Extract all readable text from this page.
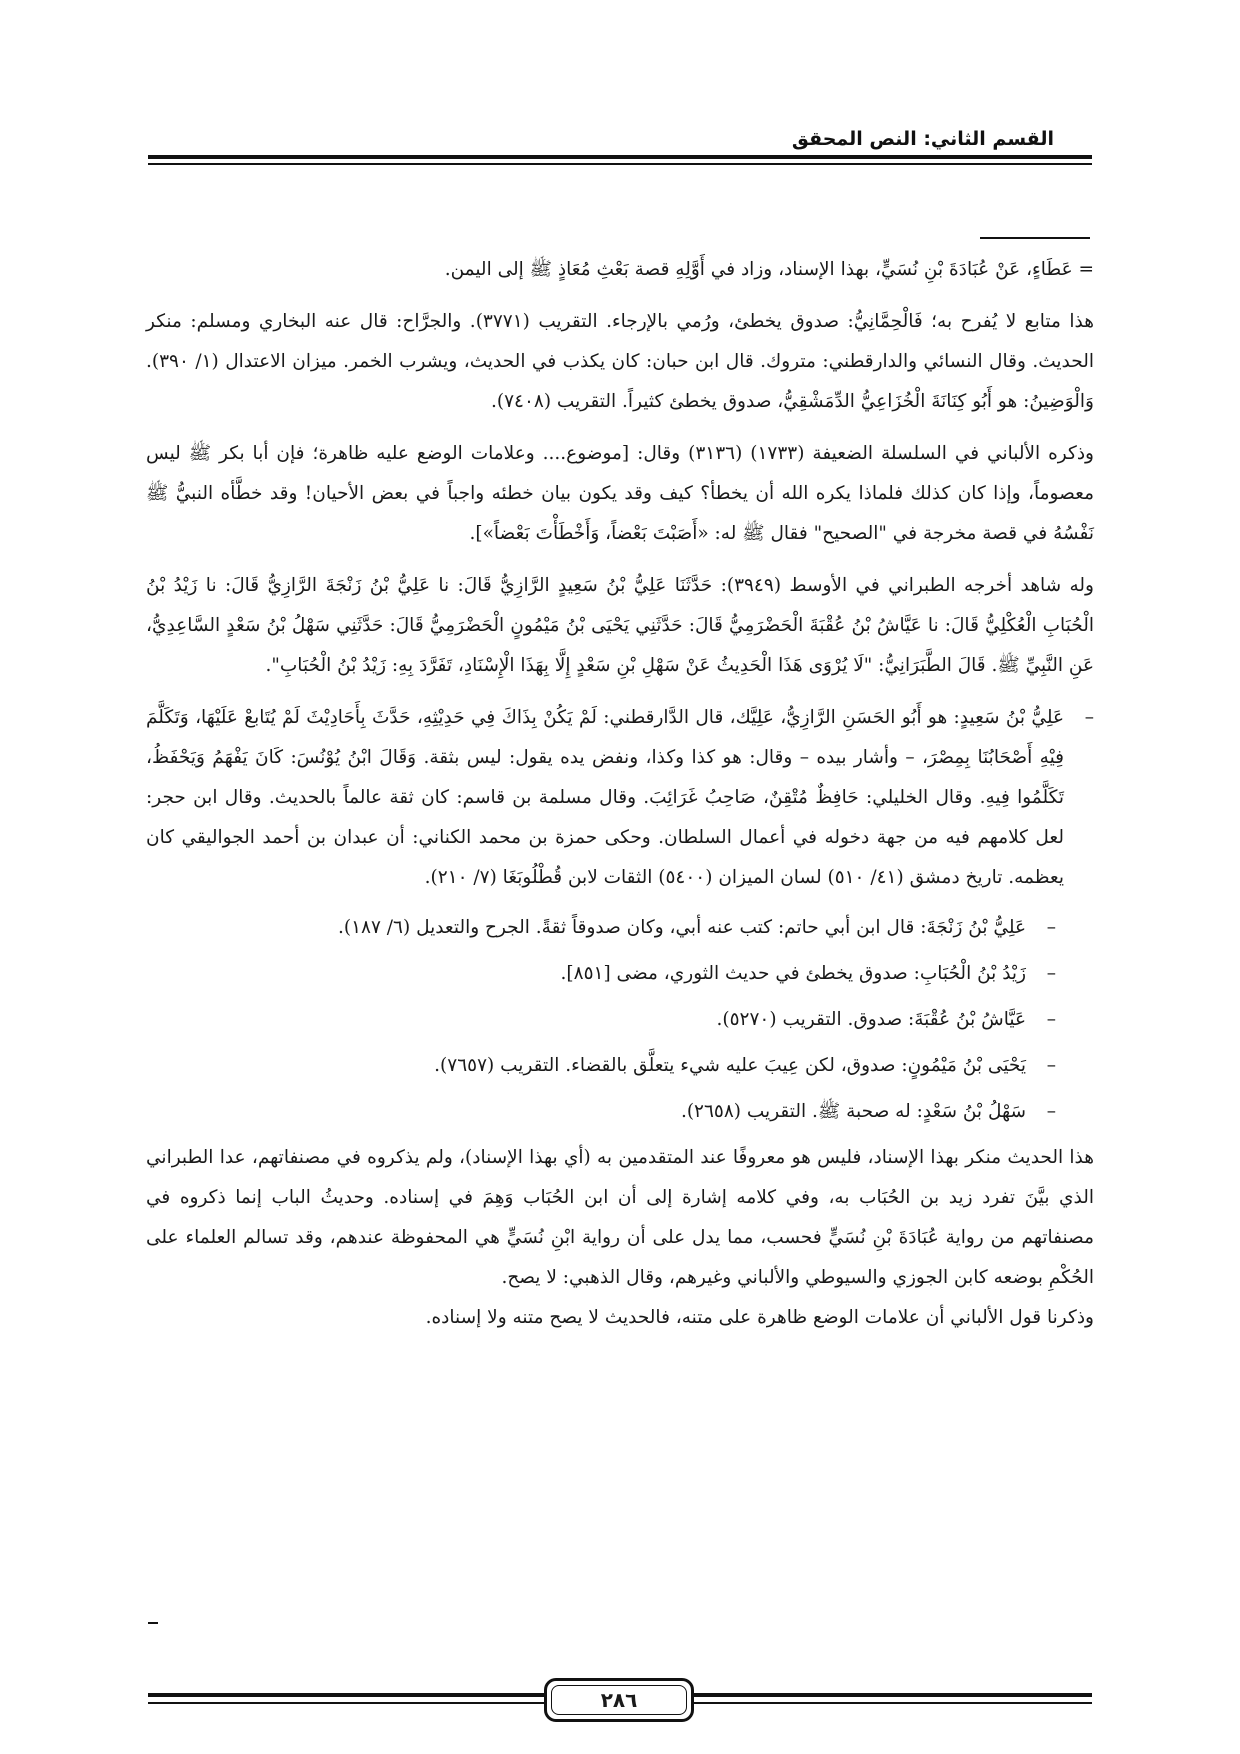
القسم الثاني: النص المحقق

= عَطَاءٍ، عَنْ عُبَادَةَ بْنِ نُسَيٍّ، بهذا الإسناد، وزاد في أَوَّلِهِ قصة بَعْثِ مُعَاذٍ ﷺ إلى اليمن.

هذا متابع لا يُفرح به؛ فَالْحِمَّانِيُّ: صدوق يخطئ، ورُمي بالإرجاء. التقريب (٣٧٧١). والجرَّاح: قال عنه البخاري ومسلم: منكر الحديث. وقال النسائي والدارقطني: متروك. قال ابن حبان: كان يكذب في الحديث، ويشرب الخمر. ميزان الاعتدال (١/ ٣٩٠). وَالْوَضِينُ: هو أَبُو كِنَانَةَ الْخُزَاعِيُّ الدِّمَشْقِيُّ، صدوق يخطئ كثيراً. التقريب (٧٤٠٨).

وذكره الألباني في السلسلة الضعيفة (١٧٣٣) (٣١٣٦) وقال: [موضوع.... وعلامات الوضع عليه ظاهرة؛ فإن أبا بكر ﷺ ليس معصوماً، وإذا كان كذلك فلماذا يكره الله أن يخطأ؟ كيف وقد يكون بيان خطئه واجباً في بعض الأحيان! وقد خطَّأه النبيُّ ﷺ نَفْسُهُ في قصة مخرجة في "الصحيح" فقال ﷺ له: «أَصَبْتَ بَعْضاً، وَأَخْطَأْتَ بَعْضاً»].

وله شاهد أخرجه الطبراني في الأوسط (٣٩٤٩): حَدَّثَنَا عَلِيُّ بْنُ سَعِيدٍ الرَّازِيُّ قَالَ: نا عَلِيُّ بْنُ زَنْجَةَ الرَّازِيُّ قَالَ: نا زَيْدُ بْنُ الْحُبَابِ الْعُكْلِيُّ قَالَ: نا عَيَّاشُ بْنُ عُقْبَةَ الْحَضْرَمِيُّ قَالَ: حَدَّثَنِي يَحْيَى بْنُ مَيْمُونٍ الْحَضْرَمِيُّ قَالَ: حَدَّثَنِي سَهْلُ بْنُ سَعْدٍ السَّاعِدِيُّ، عَنِ النَّبِيِّ ﷺ. قَالَ الطَّبَرَانِيُّ: "لَا يُرْوَى هَذَا الْحَدِيثُ عَنْ سَهْلِ بْنِ سَعْدٍ إِلَّا بِهَذَا الْإِسْنَادِ، تَفَرَّدَ بِهِ: زَيْدُ بْنُ الْحُبَابِ".

–
عَلِيُّ بْنُ سَعِيدٍ: هو أَبُو الحَسَنِ الرَّازِيُّ، عَلِيَّك، قال الدَّارقطني: لَمْ يَكُنْ بِذَاكَ فِي حَدِيْثِهِ، حَدَّثَ بِأَحَادِيْثَ لَمْ يُتَابعْ عَلَيْهَا، وَتَكَلَّمَ فِيْهِ أَصْحَابُنَا بِمِصْرَ، – وأشار بيده – وقال: هو كذا وكذا، ونفض يده يقول: ليس بثقة. وَقَالَ ابْنُ يُوْنُسَ: كَانَ يَفْهَمُ وَيَحْفَظُ، تَكَلَّمُوا فِيهِ. وقال الخليلي: حَافِظٌ مُتْقِنٌ، صَاحِبُ غَرَائِبَ. وقال مسلمة بن قاسم: كان ثقة عالماً بالحديث. وقال ابن حجر: لعل كلامهم فيه من جهة دخوله في أعمال السلطان. وحكى حمزة بن محمد الكناني: أن عبدان بن أحمد الجواليقي كان يعظمه. تاريخ دمشق (٤١/ ٥١٠) لسان الميزان (٥٤٠٠) الثقات لابن قُطْلُوبَغَا (٧/ ٢١٠).
–
عَلِيُّ بْنُ زَنْجَةَ: قال ابن أبي حاتم: كتب عنه أبي، وكان صدوقاً ثقةً. الجرح والتعديل (٦/ ١٨٧).
–
زَيْدُ بْنُ الْحُبَابِ: صدوق يخطئ في حديث الثوري، مضى [٨٥١].
–
عَيَّاشُ بْنُ عُقْبَةَ: صدوق. التقريب (٥٢٧٠).
–
يَحْيَى بْنُ مَيْمُونٍ: صدوق، لكن عِيبَ عليه شيء يتعلَّق بالقضاء. التقريب (٧٦٥٧).
–
سَهْلُ بْنُ سَعْدٍ: له صحبة ﷺ. التقريب (٢٦٥٨).

هذا الحديث منكر بهذا الإسناد، فليس هو معروفًا عند المتقدمين به (أي بهذا الإسناد)، ولم يذكروه في مصنفاتهم، عدا الطبراني الذي بيَّنَ تفرد زيد بن الحُبَاب به، وفي كلامه إشارة إلى أن ابن الحُبَاب وَهِمَ في إسناده. وحديثُ الباب إنما ذكروه في مصنفاتهم من رواية عُبَادَةَ بْنِ نُسَيٍّ فحسب، مما يدل على أن رواية ابْنِ نُسَيٍّ هي المحفوظة عندهم، وقد تسالم العلماء على الحُكْمِ بوضعه كابن الجوزي والسيوطي والألباني وغيرهم، وقال الذهبي: لا يصح.

وذكرنا قول الألباني أن علامات الوضع ظاهرة على متنه، فالحديث لا يصح متنه ولا إسناده.

٢٨٦
